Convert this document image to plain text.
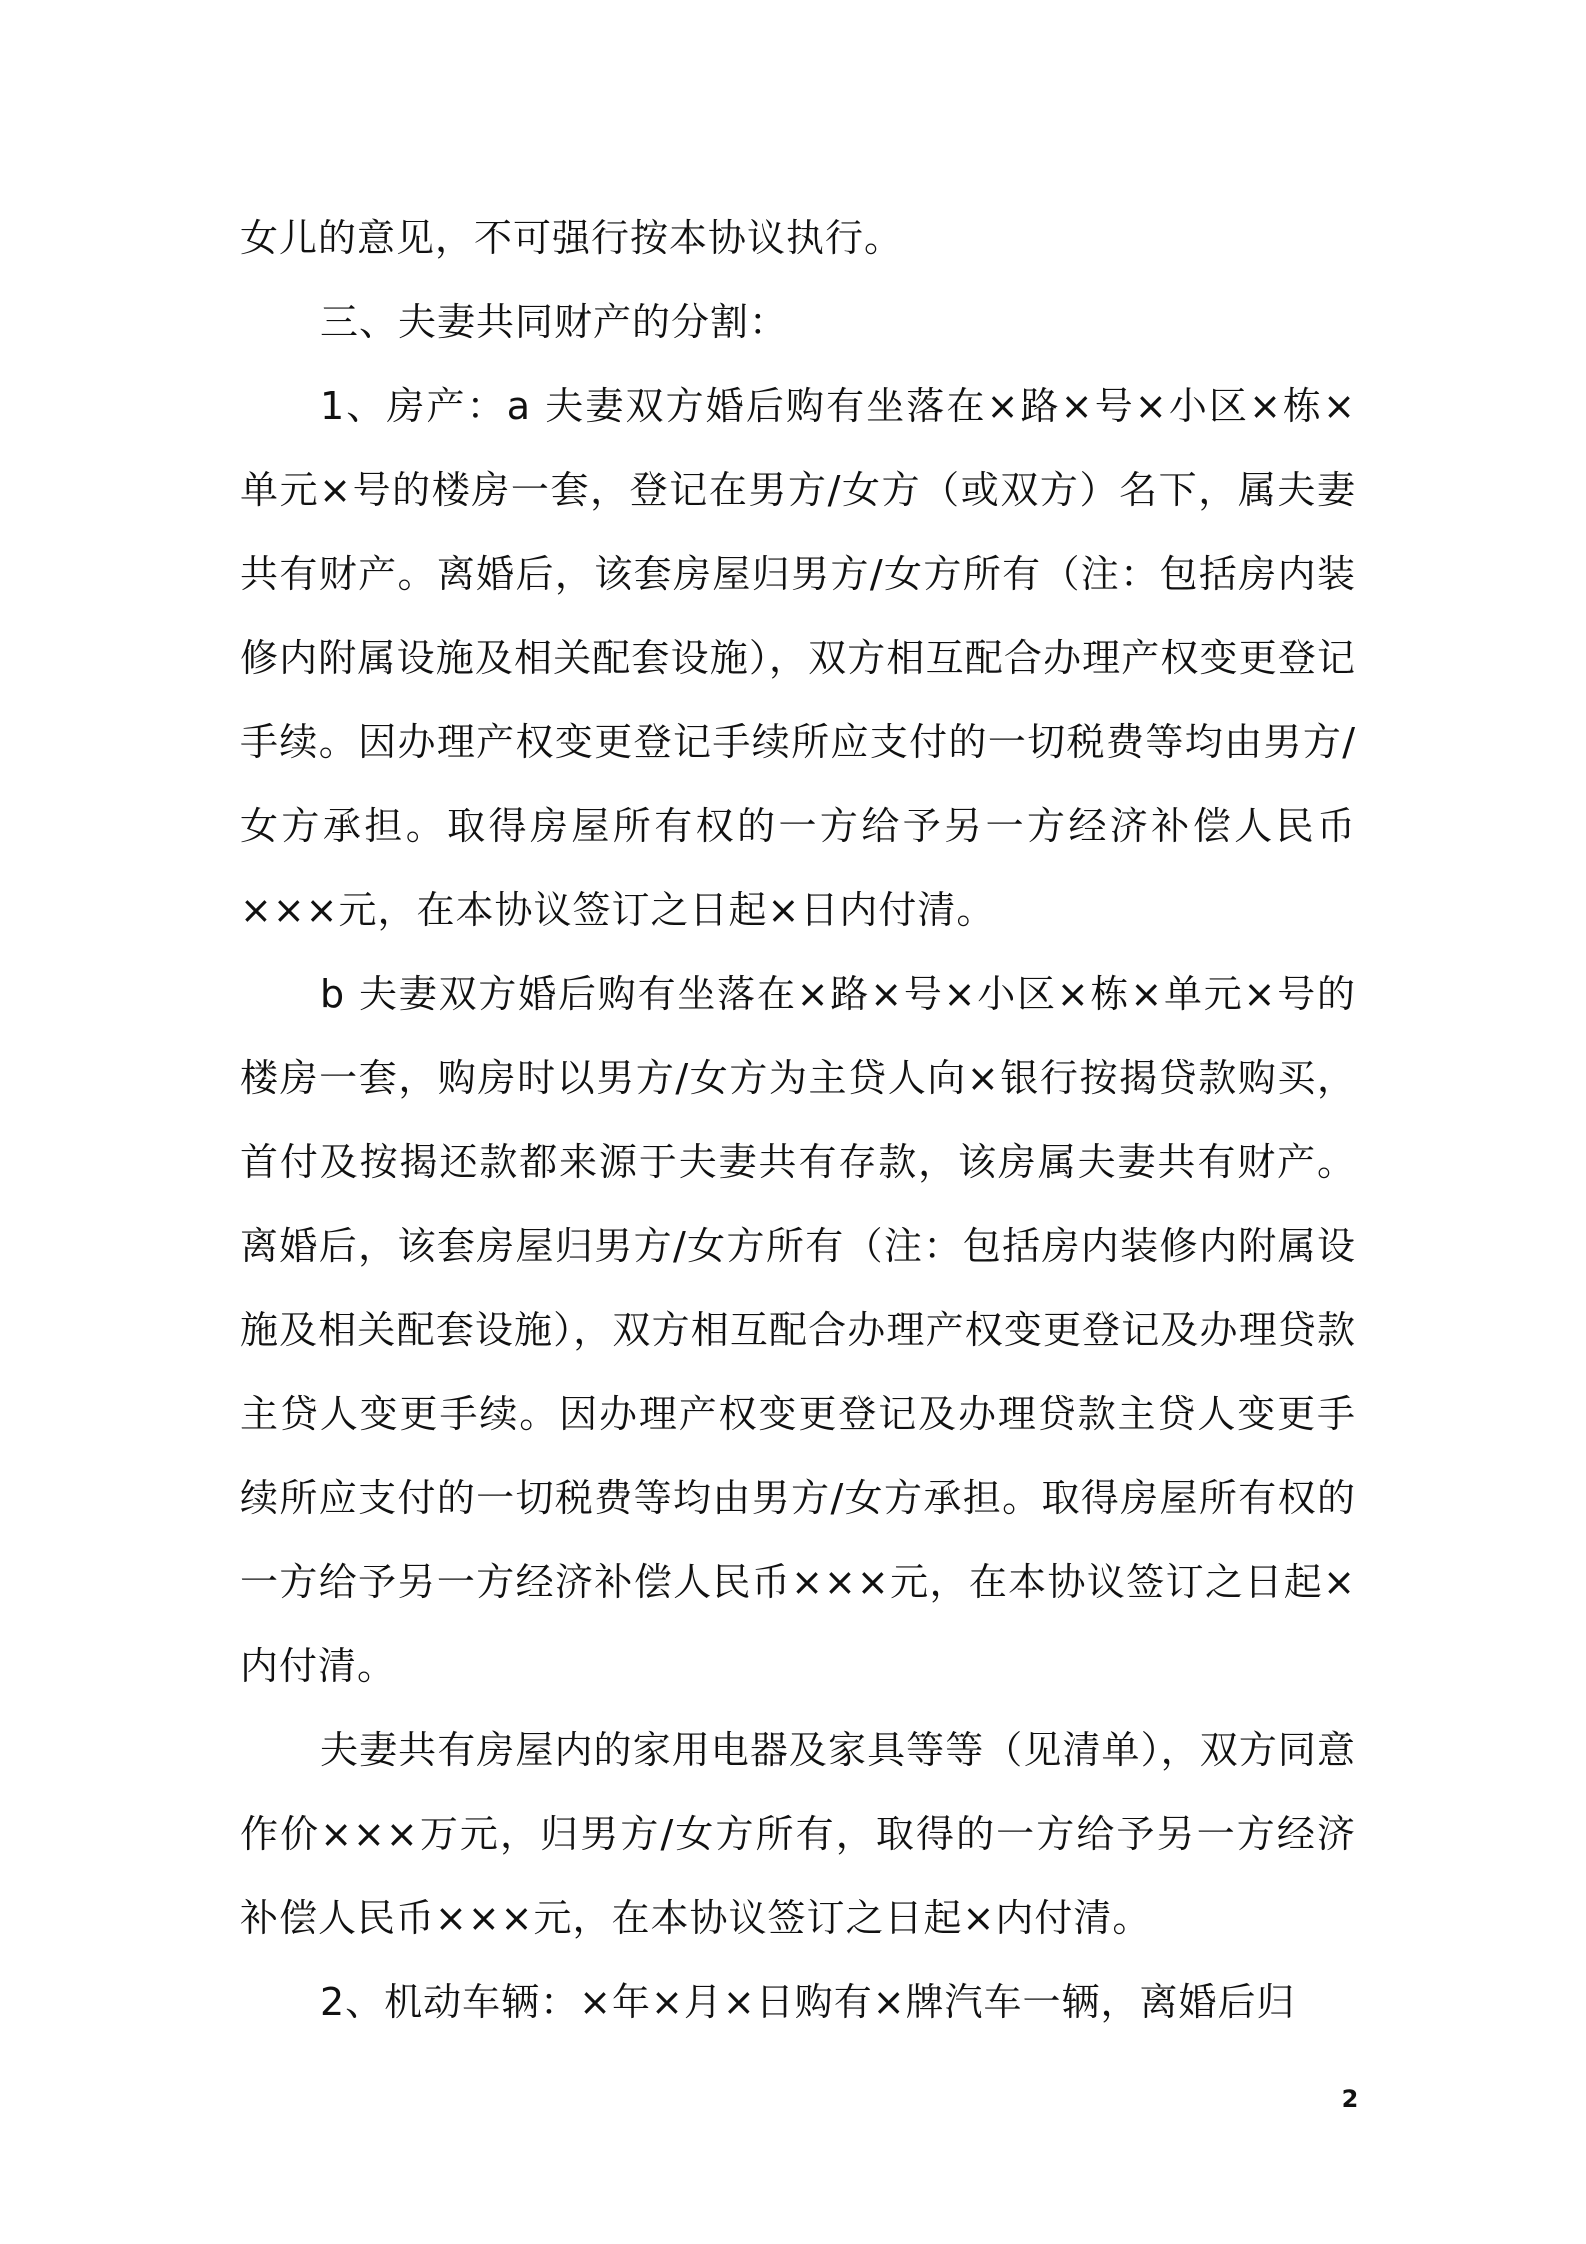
女儿的意见，不可强行按本协议执行。

三、夫妻共同财产的分割：

1、房产：a 夫妻双方婚后购有坐落在×路×号×小区×栋×单元×号的楼房一套，登记在男方/女方（或双方）名下，属夫妻共有财产。离婚后，该套房屋归男方/女方所有（注：包括房内装修内附属设施及相关配套设施），双方相互配合办理产权变更登记手续。因办理产权变更登记手续所应支付的一切税费等均由男方/女方承担。取得房屋所有权的一方给予另一方经济补偿人民币×××元，在本协议签订之日起×日内付清。

b 夫妻双方婚后购有坐落在×路×号×小区×栋×单元×号的楼房一套，购房时以男方/女方为主贷人向×银行按揭贷款购买，首付及按揭还款都来源于夫妻共有存款，该房属夫妻共有财产。离婚后，该套房屋归男方/女方所有（注：包括房内装修内附属设施及相关配套设施），双方相互配合办理产权变更登记及办理贷款主贷人变更手续。因办理产权变更登记及办理贷款主贷人变更手续所应支付的一切税费等均由男方/女方承担。取得房屋所有权的一方给予另一方经济补偿人民币×××元，在本协议签订之日起×内付清。

夫妻共有房屋内的家用电器及家具等等（见清单），双方同意作价×××万元，归男方/女方所有，取得的一方给予另一方经济补偿人民币×××元，在本协议签订之日起×内付清。

2、机动车辆：×年×月×日购有×牌汽车一辆，离婚后归

2
